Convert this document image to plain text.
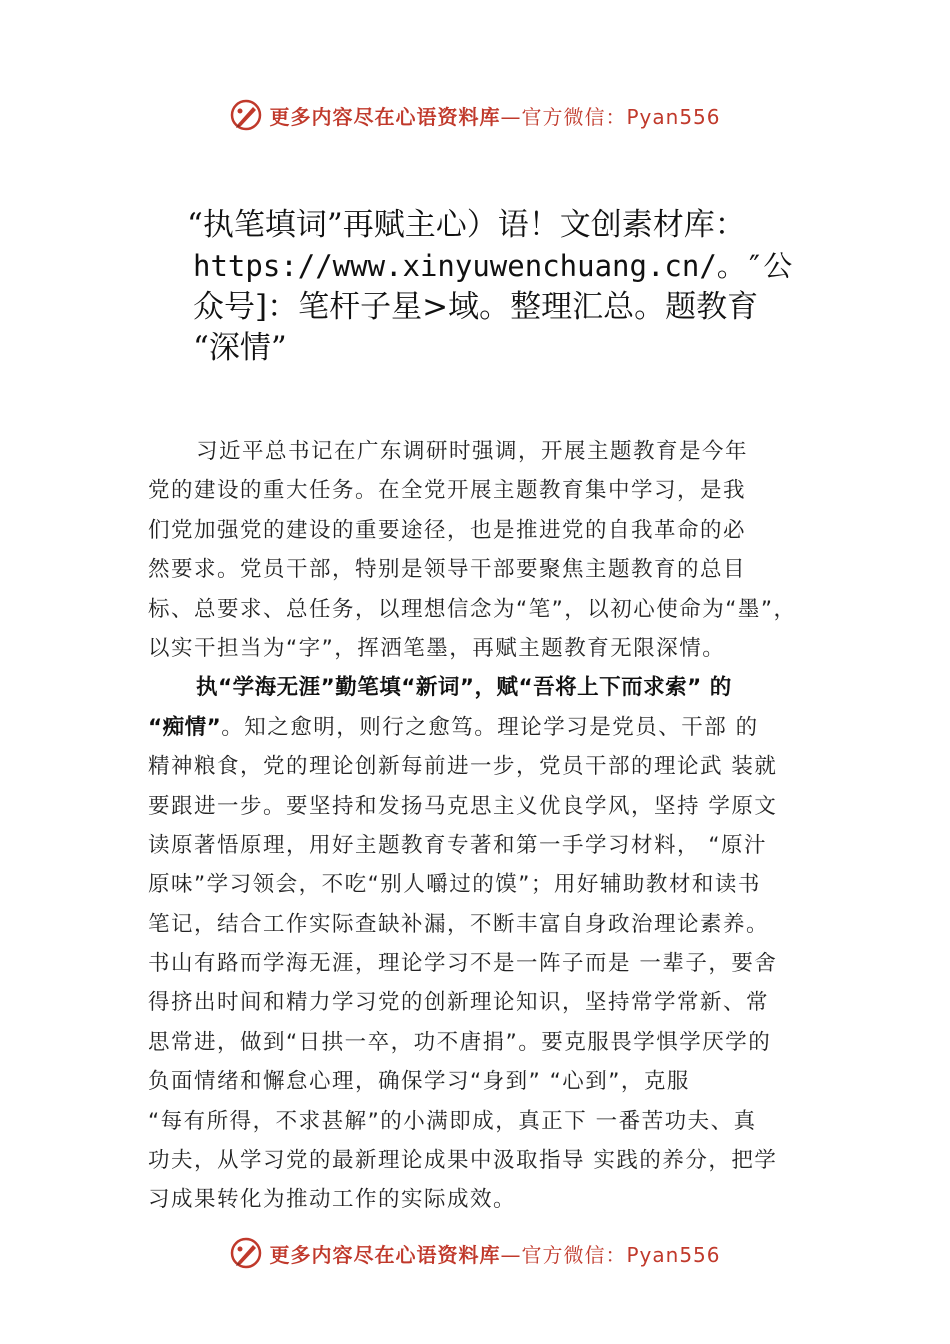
更多内容尽在心语资料库—官方微信：Pyan556
“执笔填词”再赋主心）语！文创素材库：
https://www.xinyuwenchuang.cn/。″公
众号]：笔杆子星>域。整理汇总。题教育
“深情”
习近平总书记在广东调研时强调，开展主题教育是今年
党的建设的重大任务。在全党开展主题教育集中学习，是我
们党加强党的建设的重要途径，也是推进党的自我革命的必
然要求。党员干部，特别是领导干部要聚焦主题教育的总目
标、总要求、总任务，以理想信念为“笔”，以初心使命为“墨”，
以实干担当为“字”，挥洒笔墨，再赋主题教育无限深情。
执“学海无涯”勤笔填“新词”，赋“吾将上下而求索” 的
“痴情”。知之愈明，则行之愈笃。理论学习是党员、干部 的
精神粮食，党的理论创新每前进一步，党员干部的理论武 装就
要跟进一步。要坚持和发扬马克思主义优良学风，坚持 学原文
读原著悟原理，用好主题教育专著和第一手学习材料， “原汁
原味”学习领会，不吃“别人嚼过的馍”；用好辅助教材和读书
笔记，结合工作实际查缺补漏，不断丰富自身政治理论素养。
书山有路而学海无涯，理论学习不是一阵子而是 一辈子，要舍
得挤出时间和精力学习党的创新理论知识，坚持常学常新、常
思常进，做到“日拱一卒，功不唐捐”。要克服畏学惧学厌学的
负面情绪和懈怠心理，确保学习“身到” “心到”，克服
“每有所得，不求甚解”的小满即成，真正下 一番苦功夫、真
功夫，从学习党的最新理论成果中汲取指导 实践的养分，把学
习成果转化为推动工作的实际成效。
更多内容尽在心语资料库—官方微信：Pyan556
